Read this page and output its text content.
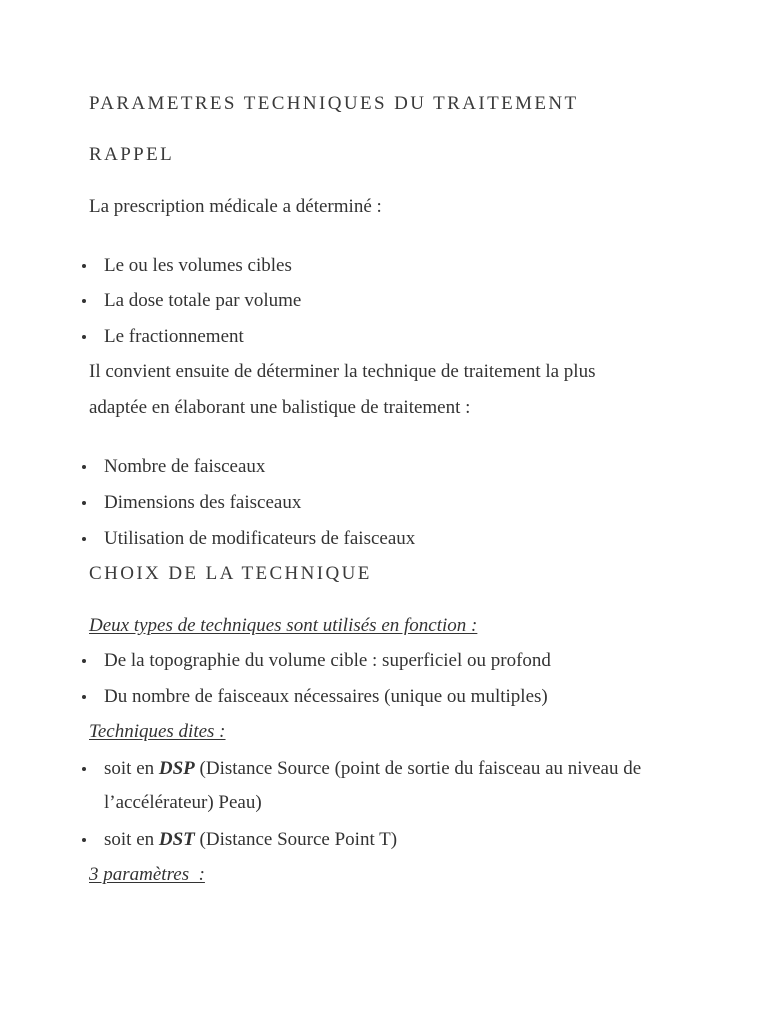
PARAMETRES TECHNIQUES DU TRAITEMENT
RAPPEL
La prescription médicale a déterminé :
Le ou les volumes cibles
La dose totale par volume
Le fractionnement
Il convient ensuite de déterminer la technique de traitement la plus
adaptée en élaborant une balistique de traitement :
Nombre de faisceaux
Dimensions des faisceaux
Utilisation de modificateurs de faisceaux
CHOIX DE LA TECHNIQUE
Deux types de techniques sont utilisés en fonction :
De la topographie du volume cible : superficiel ou profond
Du nombre de faisceaux nécessaires (unique ou multiples)
Techniques dites :
soit en DSP (Distance Source (point de sortie du faisceau au niveau de
l’accélérateur) Peau)
soit en DST (Distance Source Point T)
3 paramètres  :
